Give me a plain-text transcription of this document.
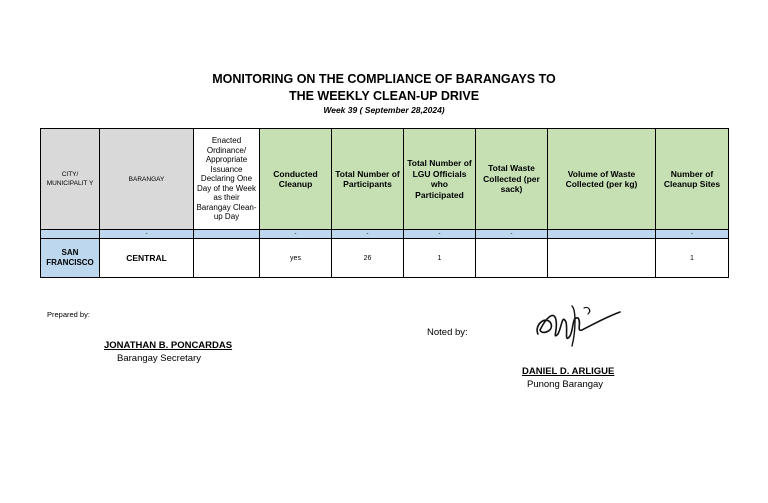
MONITORING ON THE COMPLIANCE OF BARANGAYS TO
THE WEEKLY CLEAN-UP DRIVE
Week 39 ( September 28,2024)
CITY/ MUNICIPALIT Y	BARANGAY	Enacted Ordinance/ Appropriate Issuance Declaring One Day of the Week as their Barangay Clean-up Day	Conducted Cleanup	Total Number of Participants	Total Number of LGU Officials who Participated	Total Waste Collected (per sack)	Volume of Waste Collected (per kg)	Number of Cleanup Sites
	-		-	-	-	-		-
SAN FRANCISCO	CENTRAL		yes	26	1			1
Prepared by:
JONATHAN B. PONCARDAS
Barangay Secretary
Noted by:
DANIEL D. ARLIGUE
Punong Barangay
